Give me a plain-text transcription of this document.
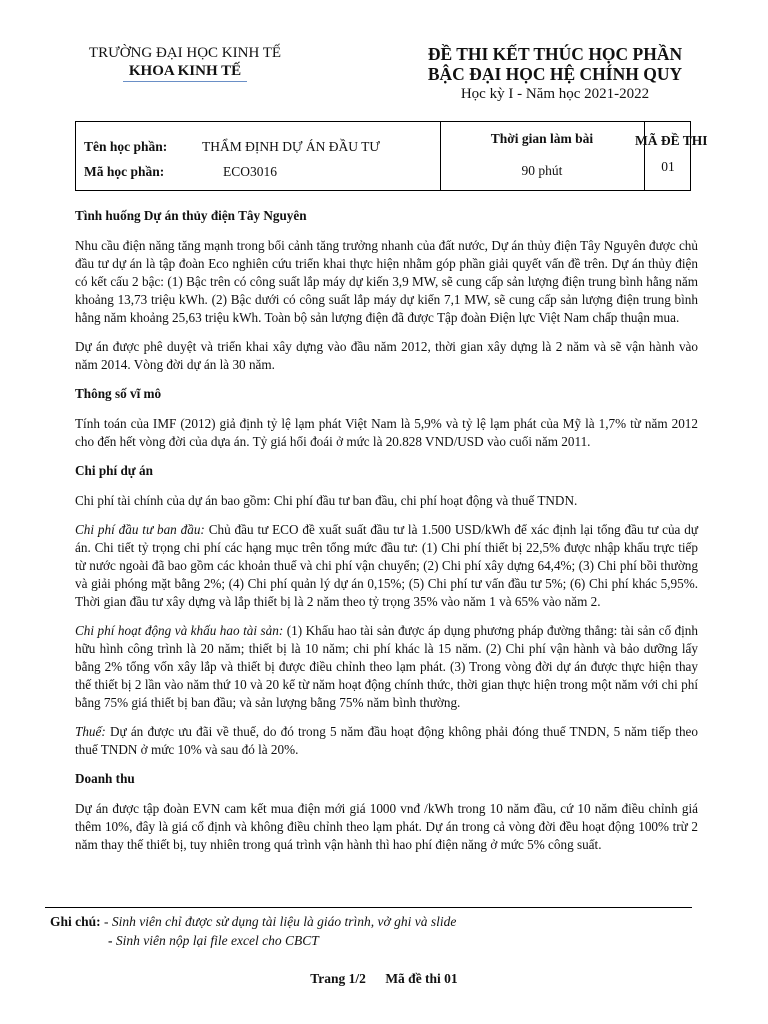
TRƯỜNG ĐẠI HỌC KINH TẾ
KHOA KINH TẾ
ĐỀ THI KẾT THÚC HỌC PHẦN
BẬC ĐẠI HỌC HỆ CHÍNH QUY
Học kỳ I - Năm học 2021-2022
Tên học phần:	THẨM ĐỊNH DỰ ÁN ĐẦU TƯ
Mã học phần:	ECO3016
Thời gian làm bài
90 phút
MÃ ĐỀ THI
01
Tình huống Dự án thủy điện Tây Nguyên

Nhu cầu điện năng tăng mạnh trong bối cảnh tăng trưởng nhanh của đất nước, Dự án thủy điện Tây Nguyên được chủ đầu tư dự án là tập đoàn Eco nghiên cứu triển khai thực hiện nhằm góp phần giải quyết vấn đề trên. Dự án thủy điện có kết cấu 2 bậc: (1) Bậc trên có công suất lắp máy dự kiến 3,9 MW, sẽ cung cấp sản lượng điện trung bình hằng năm khoảng 13,73 triệu kWh. (2) Bậc dưới có công suất lắp máy dự kiến 7,1 MW, sẽ cung cấp sản lượng điện trung bình hằng năm khoảng 25,63 triệu kWh. Toàn bộ sản lượng điện đã được Tập đoàn Điện lực Việt Nam chấp thuận mua.

Dự án được phê duyệt và triển khai xây dựng vào đầu năm 2012, thời gian xây dựng là 2 năm và sẽ vận hành vào năm 2014. Vòng đời dự án là 30 năm.

Thông số vĩ mô

Tính toán của IMF (2012) giả định tỷ lệ lạm phát Việt Nam là 5,9% và tỷ lệ lạm phát của Mỹ là 1,7% từ năm 2012 cho đến hết vòng đời của dựa án. Tỷ giá hối đoái ở mức là 20.828 VND/USD vào cuối năm 2011.

Chi phí dự án

Chi phí tài chính của dự án bao gồm: Chi phí đầu tư ban đầu, chi phí hoạt động và thuế TNDN.

Chi phí đầu tư ban đầu: Chủ đầu tư ECO đề xuất suất đầu tư là 1.500 USD/kWh để xác định lại tổng đầu tư của dự án. Chi tiết tỷ trọng chi phí các hạng mục trên tổng mức đầu tư: (1) Chi phí thiết bị 22,5% được nhập khẩu trực tiếp từ nước ngoài đã bao gồm các khoản thuế và chi phí vận chuyển; (2) Chi phí xây dựng 64,4%; (3) Chi phí bồi thường và giải phóng mặt bằng 2%; (4) Chi phí quản lý dự án 0,15%; (5) Chi phí tư vấn đầu tư 5%; (6) Chi phí khác 5,95%. Thời gian đầu tư xây dựng và lắp thiết bị là 2 năm theo tỷ trọng 35% vào năm 1 và 65% vào năm 2.

Chi phí hoạt động và khấu hao tài sản: (1) Khấu hao tài sản được áp dụng phương pháp đường thẳng: tài sản cố định hữu hình công trình là 20 năm; thiết bị là 10 năm; chi phí khác là 15 năm. (2) Chi phí vận hành và bảo dưỡng lấy bằng 2% tổng vốn xây lắp và thiết bị được điều chỉnh theo lạm phát. (3) Trong vòng đời dự án được thực hiện thay thế thiết bị 2 lần vào năm thứ 10 và 20 kể từ năm hoạt động chính thức, thời gian thực hiện trong một năm với chi phí bằng 75% giá thiết bị ban đầu; và sản lượng bằng 75% năm bình thường.

Thuế: Dự án được ưu đãi về thuế, do đó trong 5 năm đầu hoạt động không phải đóng thuế TNDN, 5 năm tiếp theo thuế TNDN ở mức 10% và sau đó là 20%.

Doanh thu

Dự án được tập đoàn EVN cam kết mua điện mới giá 1000 vnđ /kWh trong 10 năm đầu, cứ 10 năm điều chỉnh giá thêm 10%, đây là giá cố định và không điều chỉnh theo lạm phát. Dự án trong cả vòng đời đều hoạt động 100% trừ 2 năm thay thế thiết bị, tuy nhiên trong quá trình vận hành thì hao phí điện năng ở mức 5% công suất.

Ghi chú: - Sinh viên chỉ được sử dụng tài liệu là giáo trình, vở ghi và slide
- Sinh viên nộp lại file excel cho CBCT
Trang 1/2 Mã đề thi 01
